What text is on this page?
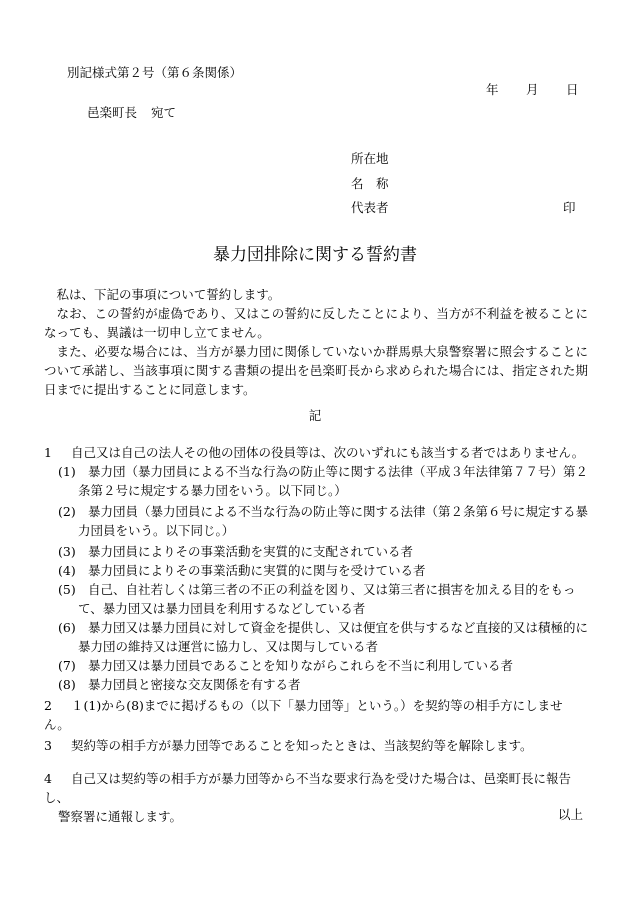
別記様式第２号（第６条関係）
年 月 日
邑楽町長 宛て
所在地
名　称
代表者	印
暴力団排除に関する誓約書

私は、下記の事項について誓約します。

なお、この誓約が虚偽であり、又はこの誓約に反したことにより、当方が不利益を被ることになっても、異議は一切申し立てません。

また、必要な場合には、当方が暴力団に関係していないか群馬県大泉警察署に照会することについて承諾し、当該事項に関する書類の提出を邑楽町長から求められた場合には、指定された期日までに提出することに同意します。

記
1 自己又は自己の法人その他の団体の役員等は、次のいずれにも該当する者ではありません。
(1) 暴力団（暴力団員による不当な行為の防止等に関する法律（平成３年法律第７７号）第２条第２号に規定する暴力団をいう。以下同じ。）
(2) 暴力団員（暴力団員による不当な行為の防止等に関する法律（第２条第６号に規定する暴力団員をいう。以下同じ。）
(3) 暴力団員によりその事業活動を実質的に支配されている者
(4) 暴力団員によりその事業活動に実質的に関与を受けている者
(5) 自己、自社若しくは第三者の不正の利益を図り、又は第三者に損害を加える目的をもって、暴力団又は暴力団員を利用するなどしている者
(6) 暴力団又は暴力団員に対して資金を提供し、又は便宜を供与するなど直接的又は積極的に暴力団の維持又は運営に協力し、又は関与している者
(7) 暴力団又は暴力団員であることを知りながらこれらを不当に利用している者
(8) 暴力団員と密接な交友関係を有する者
2 １(1)から(8)までに掲げるもの（以下「暴力団等」という。）を契約等の相手方にしません。
3 契約等の相手方が暴力団等であることを知ったときは、当該契約等を解除します。
4 自己又は契約等の相手方が暴力団等から不当な要求行為を受けた場合は、邑楽町長に報告し、
警察署に通報します。	以上
